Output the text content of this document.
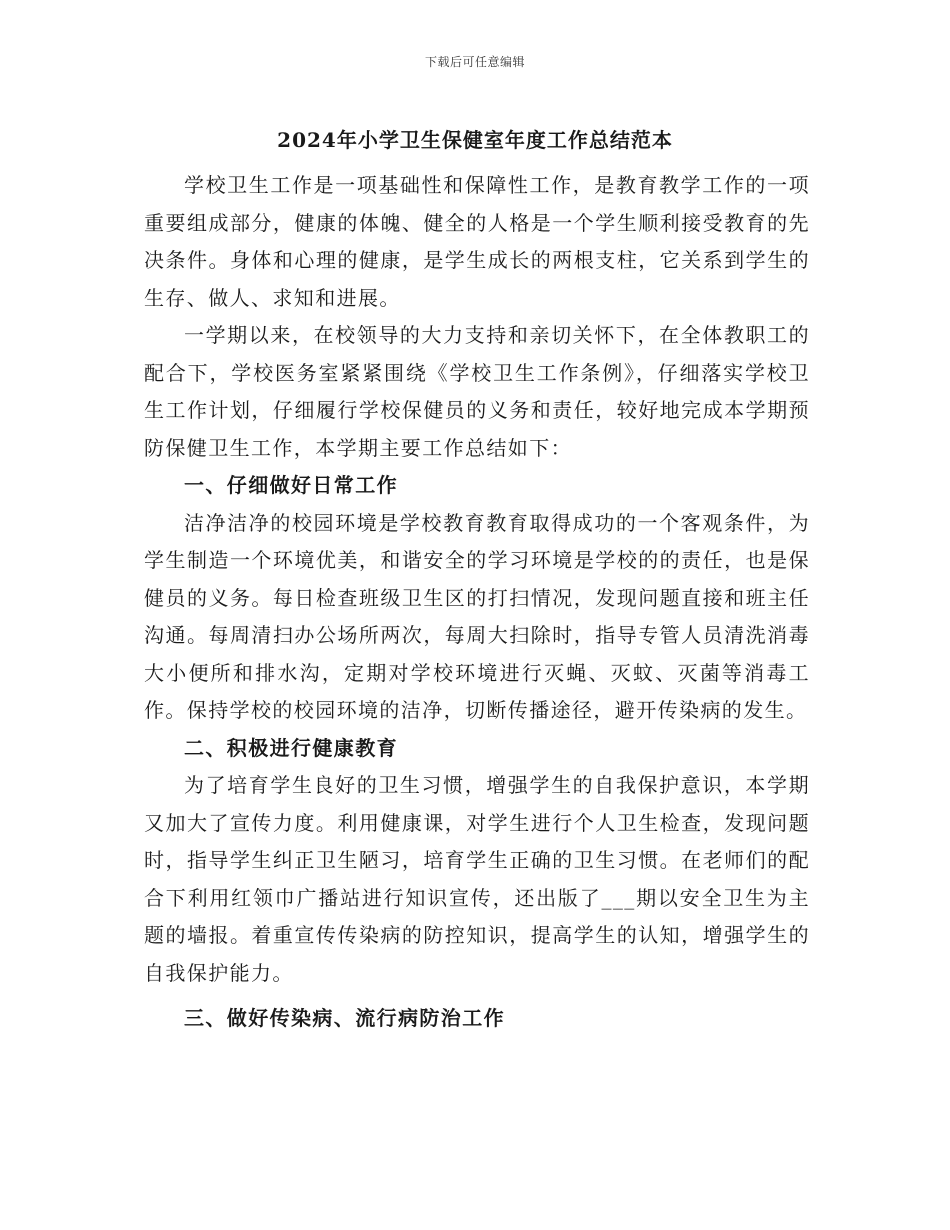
下载后可任意编辑
2024年小学卫生保健室年度工作总结范本

学校卫生工作是一项基础性和保障性工作，是教育教学工作的一项重要组成部分，健康的体魄、健全的人格是一个学生顺利接受教育的先决条件。身体和心理的健康，是学生成长的两根支柱，它关系到学生的生存、做人、求知和进展。

一学期以来，在校领导的大力支持和亲切关怀下，在全体教职工的配合下，学校医务室紧紧围绕《学校卫生工作条例》，仔细落实学校卫生工作计划，仔细履行学校保健员的义务和责任，较好地完成本学期预防保健卫生工作，本学期主要工作总结如下：

一、仔细做好日常工作

洁净洁净的校园环境是学校教育教育取得成功的一个客观条件，为学生制造一个环境优美，和谐安全的学习环境是学校的的责任，也是保健员的义务。每日检查班级卫生区的打扫情况，发现问题直接和班主任沟通。每周清扫办公场所两次，每周大扫除时，指导专管人员清洗消毒大小便所和排水沟，定期对学校环境进行灭蝇、灭蚊、灭菌等消毒工作。保持学校的校园环境的洁净，切断传播途径，避开传染病的发生。

二、积极进行健康教育

为了培育学生良好的卫生习惯，增强学生的自我保护意识，本学期又加大了宣传力度。利用健康课，对学生进行个人卫生检查，发现问题时，指导学生纠正卫生陋习，培育学生正确的卫生习惯。在老师们的配合下利用红领巾广播站进行知识宣传，还出版了___期以安全卫生为主题的墙报。着重宣传传染病的防控知识，提高学生的认知，增强学生的自我保护能力。

三、做好传染病、流行病防治工作
